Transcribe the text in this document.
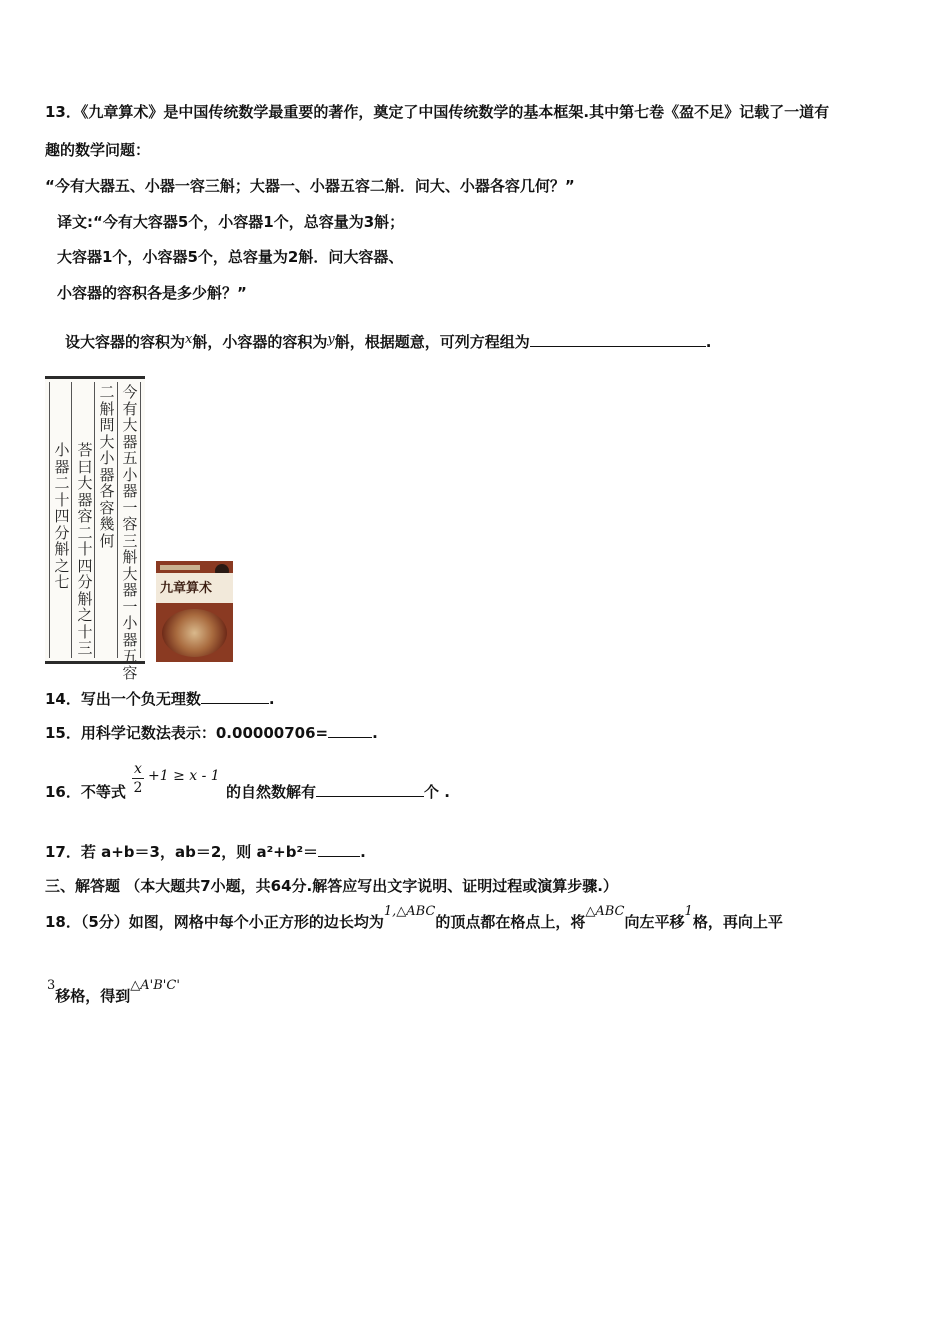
13．《九章算术》是中国传统数学最重要的著作，奠定了中国传统数学的基本框架.其中第七卷《盈不足》记载了一道有
趣的数学问题：
“今有大器五、小器一容三斛；大器一、小器五容二斛．问大、小器各容几何？”
译文:“今有大容器5个，小容器1个，总容量为3斛；
大容器1个，小容器5个，总容量为2斛．问大容器、
小容器的容积各是多少斛？”
设大容器的容积为x斛，小容器的容积为y斛，根据题意，可列方程组为	.
今有大器五小器一容三斛大器一小器五容
二斛問大小器各容幾何
荅曰大器容二十四分斛之十三
小器二十四分斛之七	九章算术
14．写出一个负无理数	.
15．用科学记数法表示：0.00000706=	.
16．不等式
x
2
+1 ≥ x - 1
的自然数解有	个 .
17．若 a+b＝3，ab＝2，则 a²+b²＝	.
三、解答题 （本大题共7小题，共64分.解答应写出文字说明、证明过程或演算步骤.）
18．（5分）如图，网格中每个小正方形的边长均为1,△ABC的顶点都在格点上，将△ABC向左平移1格，再向上平
3移格，得到△A'B'C'
